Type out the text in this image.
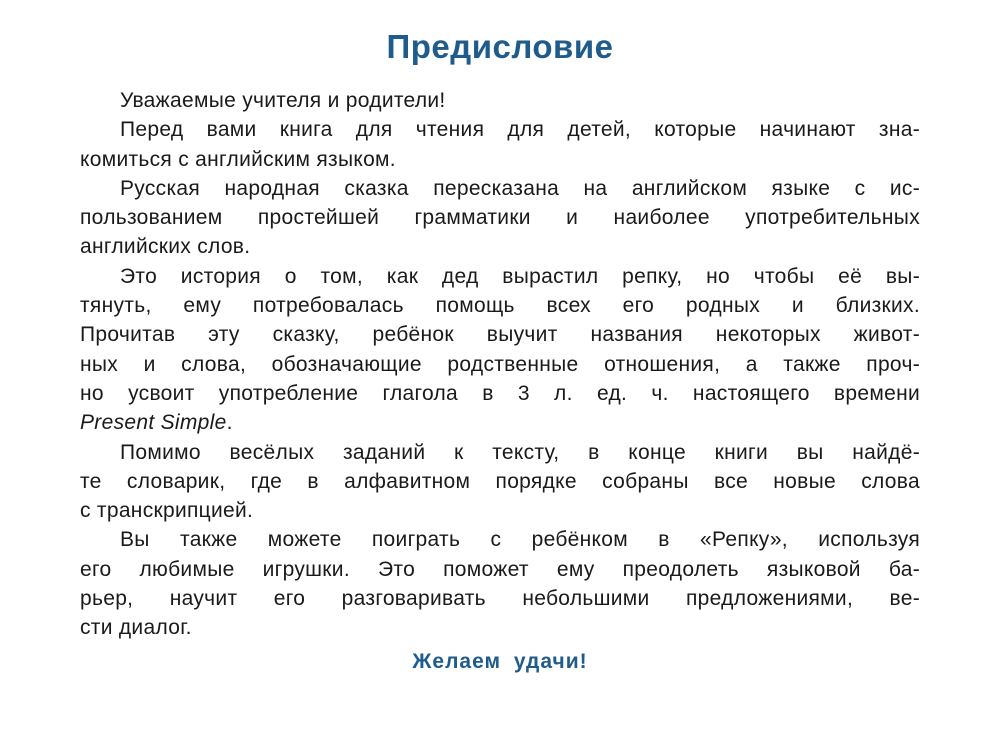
Предисловие
Уважаемые учителя и родители!
Перед вами книга для чтения для детей, которые начинают зна-
комиться с английским языком.
Русская народная сказка пересказана на английском языке с ис-
пользованием простейшей грамматики и наиболее употребительных
английских слов.
Это история о том, как дед вырастил репку, но чтобы её вы-
тянуть, ему потребовалась помощь всех его родных и близких.
Прочитав эту сказку, ребёнок выучит названия некоторых живот-
ных и слова, обозначающие родственные отношения, а также проч-
но усвоит употребление глагола в 3 л. ед. ч. настоящего времени
Present Simple.
Помимо весёлых заданий к тексту, в конце книги вы найдё-
те словарик, где в алфавитном порядке собраны все новые слова
с транскрипцией.
Вы также можете поиграть с ребёнком в «Репку», используя
его любимые игрушки. Это поможет ему преодолеть языковой ба-
рьер, научит его разговаривать небольшими предложениями, ве-
сти диалог.
Желаем удачи!
